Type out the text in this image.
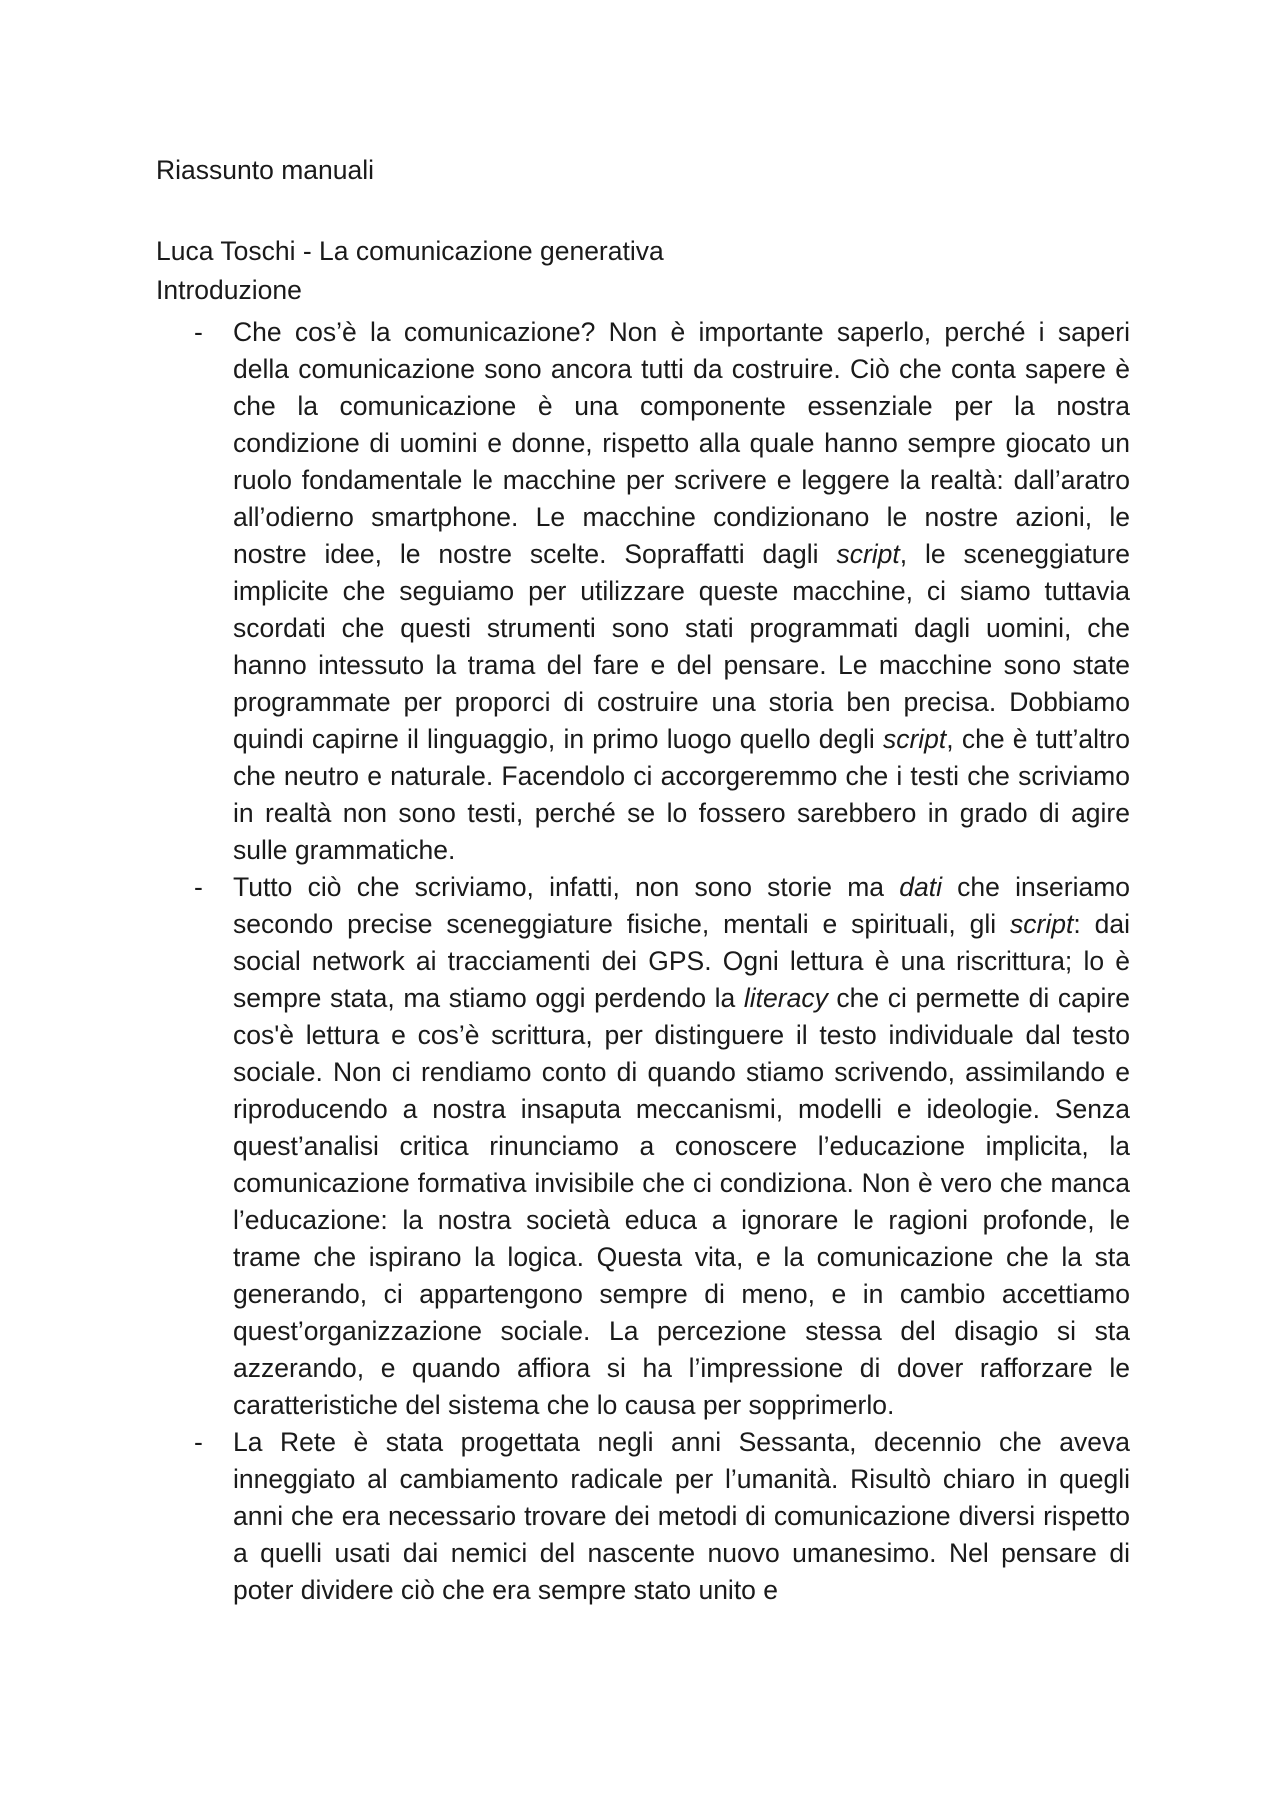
Riassunto manuali
Luca Toschi - La comunicazione generativa
Introduzione
- Che cos’è la comunicazione? Non è importante saperlo, perché i saperi della comunicazione sono ancora tutti da costruire. Ciò che conta sapere è che la comunicazione è una componente essenziale per la nostra condizione di uomini e donne, rispetto alla quale hanno sempre giocato un ruolo fondamentale le macchine per scrivere e leggere la realtà: dall’aratro all’odierno smartphone. Le macchine condizionano le nostre azioni, le nostre idee, le nostre scelte. Sopraffatti dagli script, le sceneggiature implicite che seguiamo per utilizzare queste macchine, ci siamo tuttavia scordati che questi strumenti sono stati programmati dagli uomini, che hanno intessuto la trama del fare e del pensare. Le macchine sono state programmate per proporci di costruire una storia ben precisa. Dobbiamo quindi capirne il linguaggio, in primo luogo quello degli script, che è tutt’altro che neutro e naturale. Facendolo ci accorgeremmo che i testi che scriviamo in realtà non sono testi, perché se lo fossero sarebbero in grado di agire sulle grammatiche.
- Tutto ciò che scriviamo, infatti, non sono storie ma dati che inseriamo secondo precise sceneggiature fisiche, mentali e spirituali, gli script: dai social network ai tracciamenti dei GPS. Ogni lettura è una riscrittura; lo è sempre stata, ma stiamo oggi perdendo la literacy che ci permette di capire cos'è lettura e cos’è scrittura, per distinguere il testo individuale dal testo sociale. Non ci rendiamo conto di quando stiamo scrivendo, assimilando e riproducendo a nostra insaputa meccanismi, modelli e ideologie. Senza quest’analisi critica rinunciamo a conoscere l’educazione implicita, la comunicazione formativa invisibile che ci condiziona. Non è vero che manca l’educazione: la nostra società educa a ignorare le ragioni profonde, le trame che ispirano la logica. Questa vita, e la comunicazione che la sta generando, ci appartengono sempre di meno, e in cambio accettiamo quest’organizzazione sociale. La percezione stessa del disagio si sta azzerando, e quando affiora si ha l’impressione di dover rafforzare le caratteristiche del sistema che lo causa per sopprimerlo.
- La Rete è stata progettata negli anni Sessanta, decennio che aveva inneggiato al cambiamento radicale per l’umanità. Risultò chiaro in quegli anni che era necessario trovare dei metodi di comunicazione diversi rispetto a quelli usati dai nemici del nascente nuovo umanesimo. Nel pensare di poter dividere ciò che era sempre stato unito e
